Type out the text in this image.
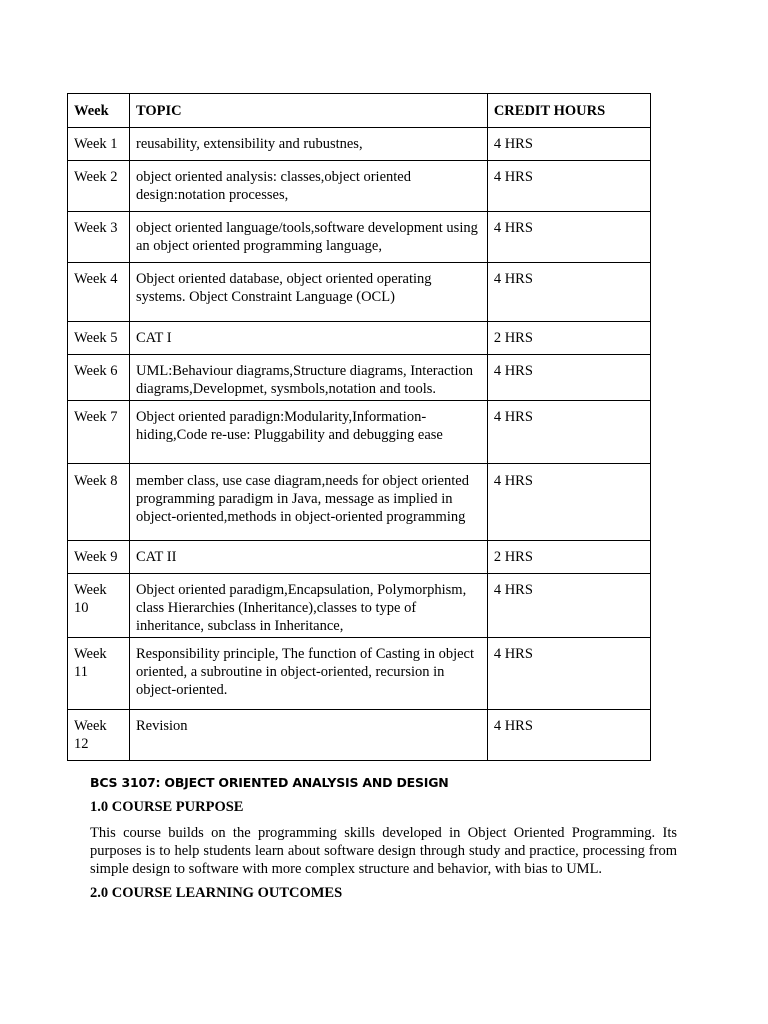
Week	TOPIC	CREDIT HOURS
Week 1	reusability, extensibility and rubustnes,	4 HRS
Week 2	object oriented analysis: classes,object oriented design:notation processes,	4 HRS
Week 3	object oriented language/tools,software development using an object oriented programming language,	4 HRS
Week 4	Object oriented database, object oriented operating systems. Object Constraint Language (OCL)	4 HRS
Week 5	CAT I	2 HRS
Week 6	UML:Behaviour diagrams,Structure diagrams, Interaction diagrams,Developmet, sysmbols,notation and tools.	4 HRS
Week 7	Object oriented paradign:Modularity,Information-hiding,Code re-use: Pluggability and debugging ease	4 HRS
Week 8	member class, use case diagram,needs for object oriented programming paradigm in Java, message as implied in object-oriented,methods in object-oriented programming	4 HRS
Week 9	CAT II	2 HRS
Week 10	Object oriented paradigm,Encapsulation, Polymorphism, class Hierarchies (Inheritance),classes to type of inheritance, subclass in Inheritance,	4 HRS
Week 11	Responsibility principle, The function of Casting in object oriented, a subroutine in object-oriented, recursion in object-oriented.	4 HRS
Week 12	Revision	4 HRS
BCS 3107: OBJECT ORIENTED ANALYSIS AND DESIGN
1.0 COURSE PURPOSE
This course builds on the programming skills developed in Object Oriented Programming. Its purposes is to help students learn about software design through study and practice, processing from simple design to software with more complex structure and behavior, with bias to UML.
2.0 COURSE LEARNING OUTCOMES
